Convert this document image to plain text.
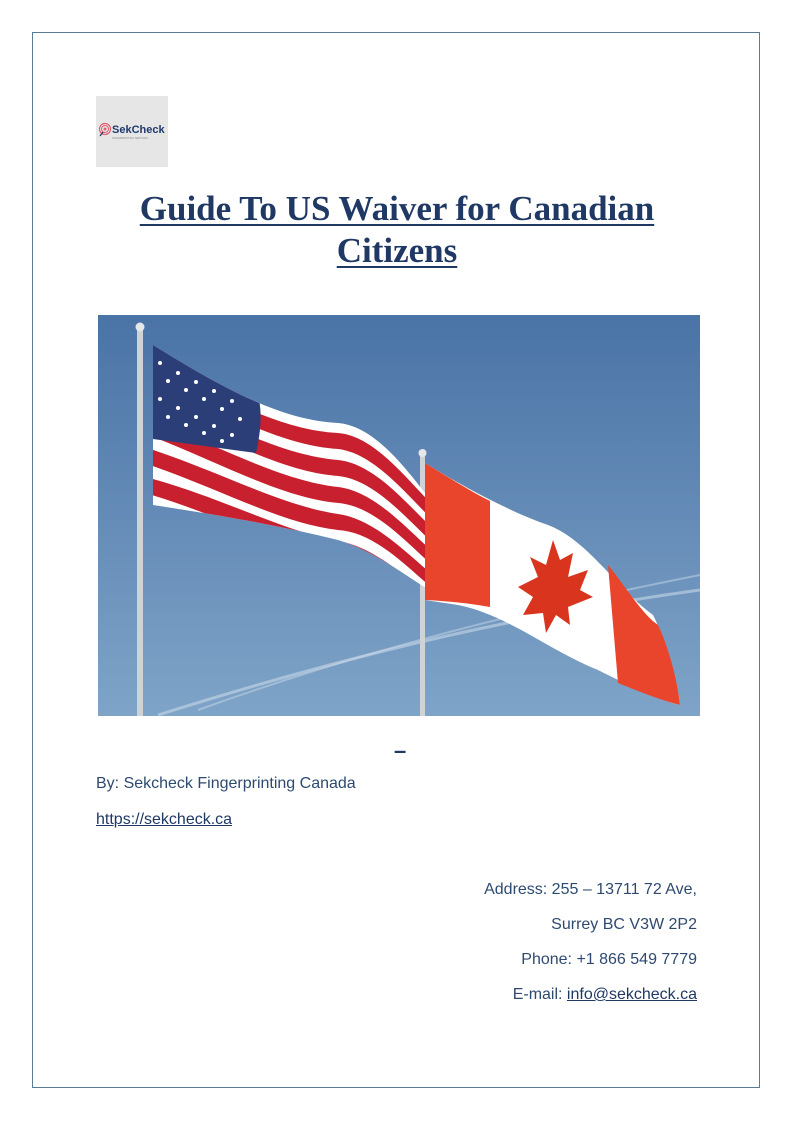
SekCheck
FINGERPRINTING SERVICES
Guide To US Waiver for Canadian
Citizens
–
By: Sekcheck Fingerprinting Canada
https://sekcheck.ca
Address: 255 – 13711 72 Ave,
Surrey BC V3W 2P2
Phone: +1 866 549 7779
E-mail: info@sekcheck.ca
